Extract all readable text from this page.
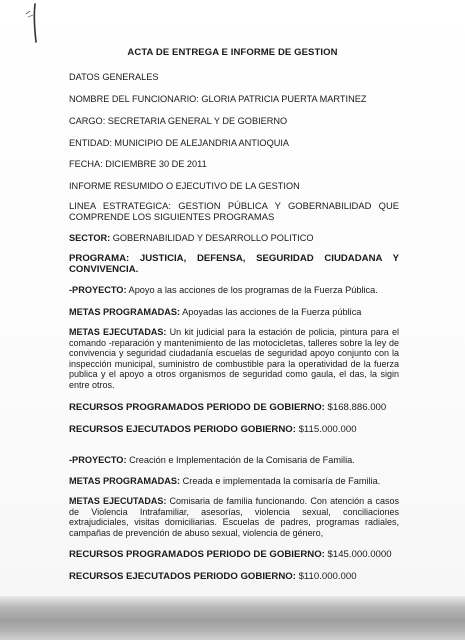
ACTA DE ENTREGA E INFORME DE GESTION
DATOS GENERALES
NOMBRE DEL FUNCIONARIO: GLORIA PATRICIA PUERTA MARTINEZ
CARGO: SECRETARIA GENERAL Y DE GOBIERNO
ENTIDAD: MUNICIPIO DE ALEJANDRIA ANTIOQUIA
FECHA: DICIEMBRE 30 DE 2011
INFORME RESUMIDO O EJECUTIVO DE LA GESTION
LINEA ESTRATEGICA: GESTION PÚBLICA Y GOBERNABILIDAD QUE COMPRENDE LOS SIGUIENTES PROGRAMAS
SECTOR: GOBERNABILIDAD Y DESARROLLO POLITICO
PROGRAMA: JUSTICIA, DEFENSA, SEGURIDAD CIUDADANA Y CONVIVENCIA.
-PROYECTO: Apoyo a las acciones de los programas de la Fuerza Pública.
METAS PROGRAMADAS: Apoyadas las acciones de la Fuerza pública
METAS EJECUTADAS: Un kit judicial para la estación de policia, pintura para el comando -reparación y mantenimiento de las motocicletas, talleres sobre la ley de convivencia y seguridad ciudadanía escuelas de seguridad apoyo conjunto con la inspección municipal, suministro de combustible para la operatividad de la fuerza publica y el apoyo a otros organismos de seguridad como gaula, el das, la sigin entre otros.
RECURSOS PROGRAMADOS PERIODO DE GOBIERNO: $168.886.000
RECURSOS EJECUTADOS PERIODO GOBIERNO: $115.000.000
-PROYECTO: Creación e Implementación de la Comisaria de Familia.
METAS PROGRAMADAS: Creada e implementada la comisaría de Familia.
METAS EJECUTADAS: Comisaria de familia funcionando. Con atención a casos de Violencia Intrafamiliar, asesorías, violencia sexual, conciliaciones extrajudiciales, visitas domiciliarias. Escuelas de padres, programas radiales, campañas de prevención de abuso sexual, violencia de género,
RECURSOS PROGRAMADOS PERIODO DE GOBIERNO: $145.000.0000
RECURSOS EJECUTADOS PERIODO GOBIERNO: $110.000.000
